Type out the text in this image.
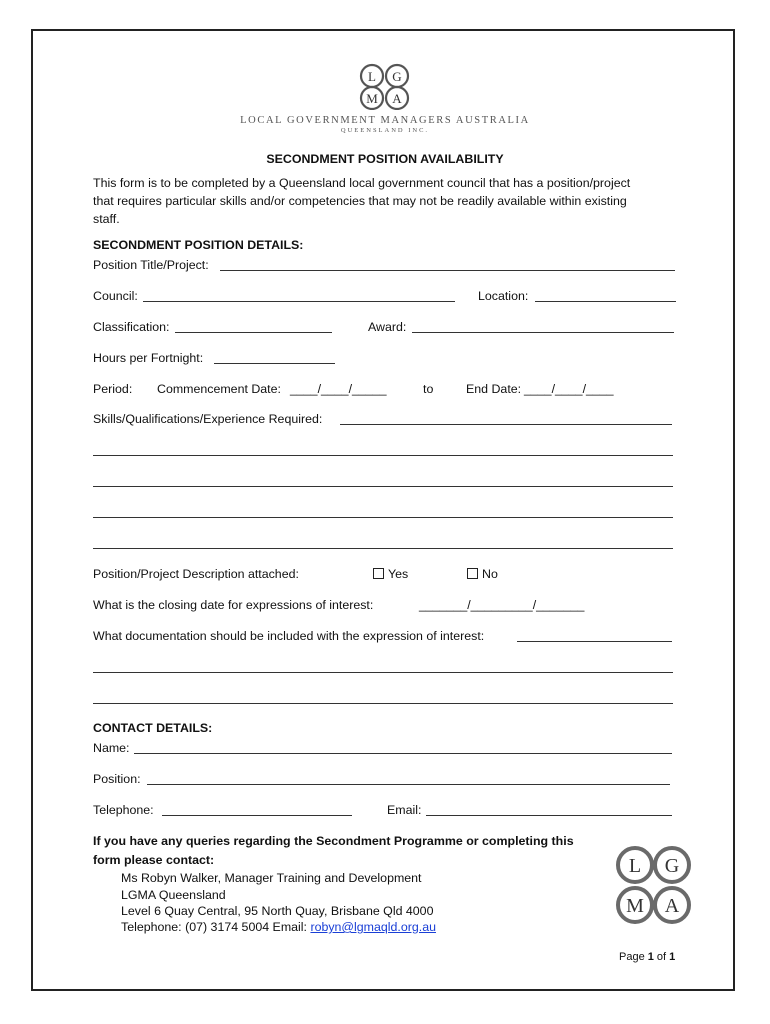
L G
M A
LOCAL GOVERNMENT MANAGERS AUSTRALIA
QUEENSLAND INC.
SECONDMENT POSITION AVAILABILITY
This form is to be completed by a Queensland local government council that has a position/project
that requires particular skills and/or competencies that may not be readily available within existing
staff.
SECONDMENT POSITION DETAILS:
Position Title/Project:
Council:	Location:
Classification:	Award:
Hours per Fortnight:
Period: Commencement Date: ____/____/_____	to	End Date: ____/____/____
Skills/Qualifications/Experience Required:
Position/Project Description attached:	Yes	No
What is the closing date for expressions of interest:	_______/_________/_______
What documentation should be included with the expression of interest:
CONTACT DETAILS:
Name:
Position:
Telephone:	Email:
If you have any queries regarding the Secondment Programme or completing this
form please contact:
Ms Robyn Walker, Manager Training and Development
LGMA Queensland
Level 6 Quay Central, 95 North Quay, Brisbane Qld 4000
Telephone: (07) 3174 5004 Email: robyn@lgmaqld.org.au
L G
M A
Page 1 of 1
